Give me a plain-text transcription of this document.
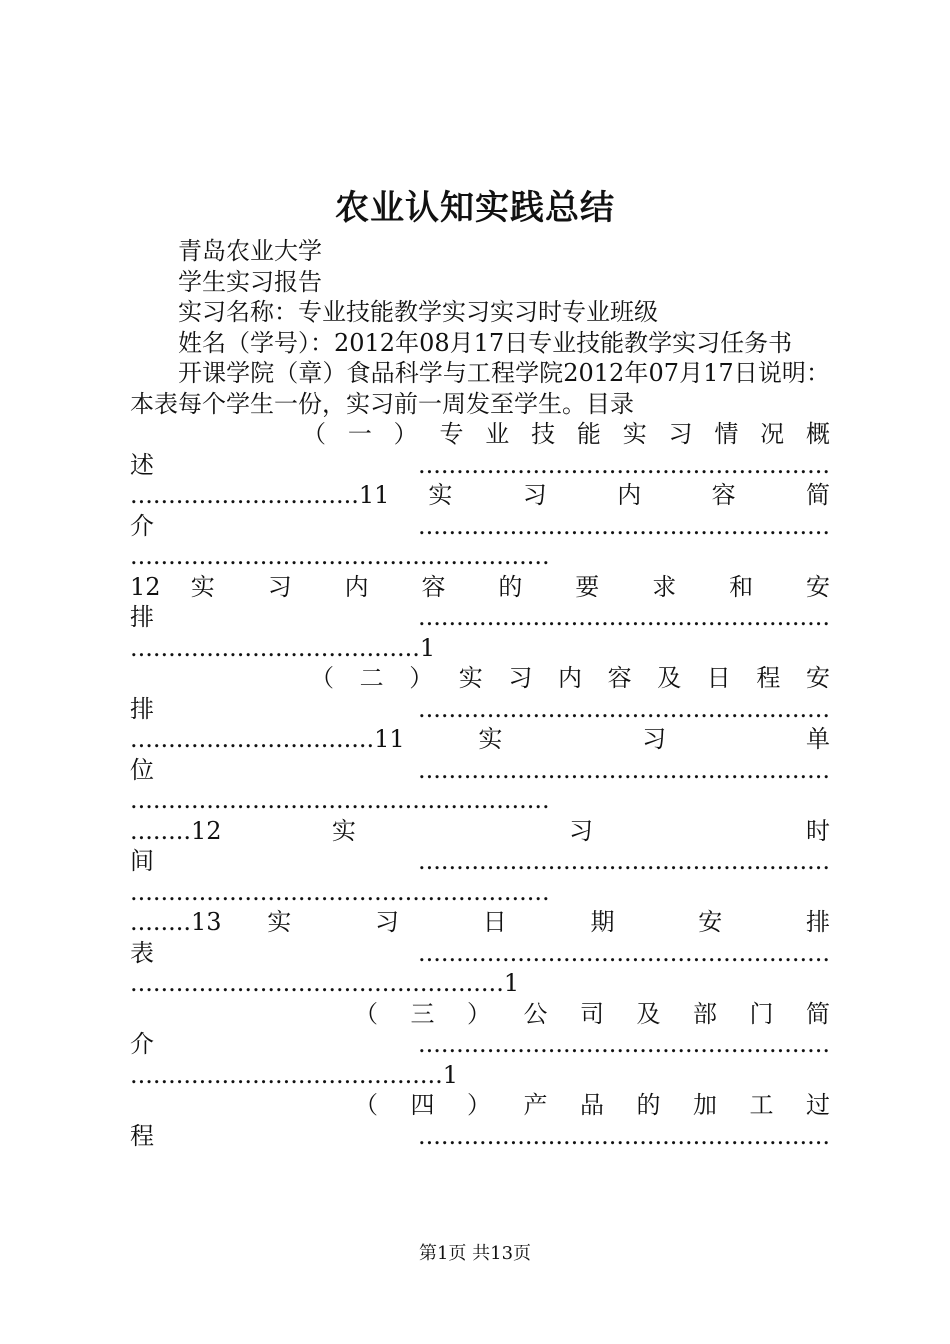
农业认知实践总结

青岛农业大学

学生实习报告

实习名称：专业技能教学实习实习时专业班级

姓名（学号）：2012年08月17日专业技能教学实习任务书

开课学院（章）食品科学与工程学院2012年07月17日说明：本表每个学生一份，实习前一周发至学生。目录

（ 一 ） 专 业 技 能 实 习 情 况 概

述......................................................

..............................11 实 习 内 容 简

介......................................................

.......................................................

12 实 习 内 容 的 要 求 和 安

排......................................................

......................................1

（ 二 ） 实 习 内 容 及 日 程 安

排......................................................

................................11 实 习 单

位......................................................

.......................................................

........12 实 习 时

间......................................................

.......................................................

........13 实 习 日 期 安 排

表......................................................

.................................................1

（ 三 ） 公 司 及 部 门 简

介......................................................

.........................................1

（ 四 ） 产 品 的 加 工 过

程......................................................

第1页 共13页
